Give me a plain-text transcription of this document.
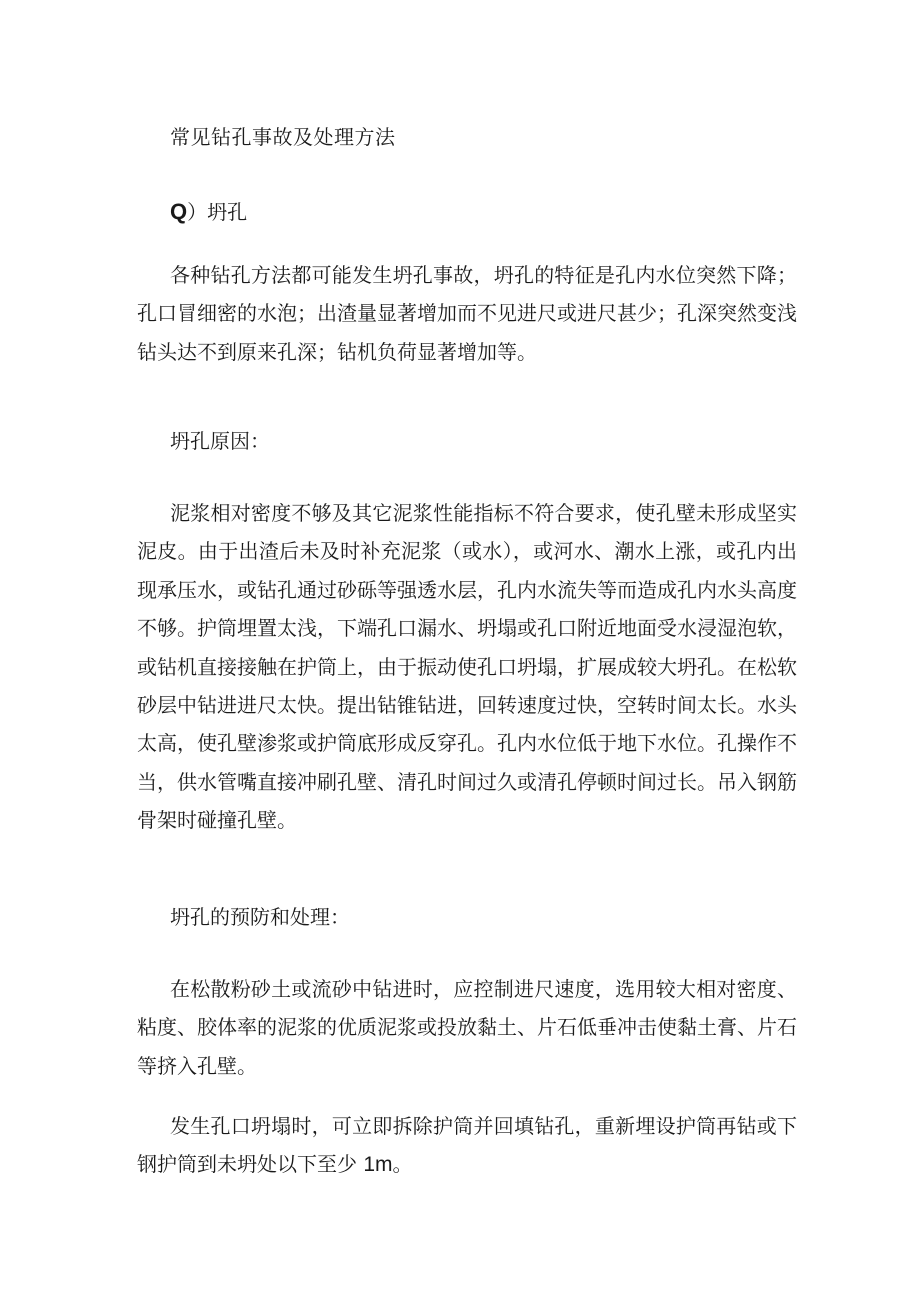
常见钻孔事故及处理方法
Q）坍孔

各种钻孔方法都可能发生坍孔事故，坍孔的特征是孔内水位突然下降；孔口冒细密的水泡；出渣量显著增加而不见进尺或进尺甚少；孔深突然变浅钻头达不到原来孔深；钻机负荷显著增加等。

坍孔原因：

泥浆相对密度不够及其它泥浆性能指标不符合要求，使孔壁未形成坚实泥皮。由于出渣后未及时补充泥浆（或水），或河水、潮水上涨，或孔内出现承压水，或钻孔通过砂砾等强透水层，孔内水流失等而造成孔内水头高度不够。护筒埋置太浅，下端孔口漏水、坍塌或孔口附近地面受水浸湿泡软，或钻机直接接触在护筒上，由于振动使孔口坍塌，扩展成较大坍孔。在松软砂层中钻进进尺太快。提出钻锥钻进，回转速度过快，空转时间太长。水头太高，使孔壁渗浆或护筒底形成反穿孔。孔内水位低于地下水位。孔操作不当，供水管嘴直接冲刷孔壁、清孔时间过久或清孔停顿时间过长。吊入钢筋骨架时碰撞孔壁。

坍孔的预防和处理：

在松散粉砂土或流砂中钻进时，应控制进尺速度，选用较大相对密度、粘度、胶体率的泥浆的优质泥浆或投放黏土、片石低垂冲击使黏土膏、片石等挤入孔壁。

发生孔口坍塌时，可立即拆除护筒并回填钻孔，重新埋设护筒再钻或下钢护筒到未坍处以下至少 1m。
